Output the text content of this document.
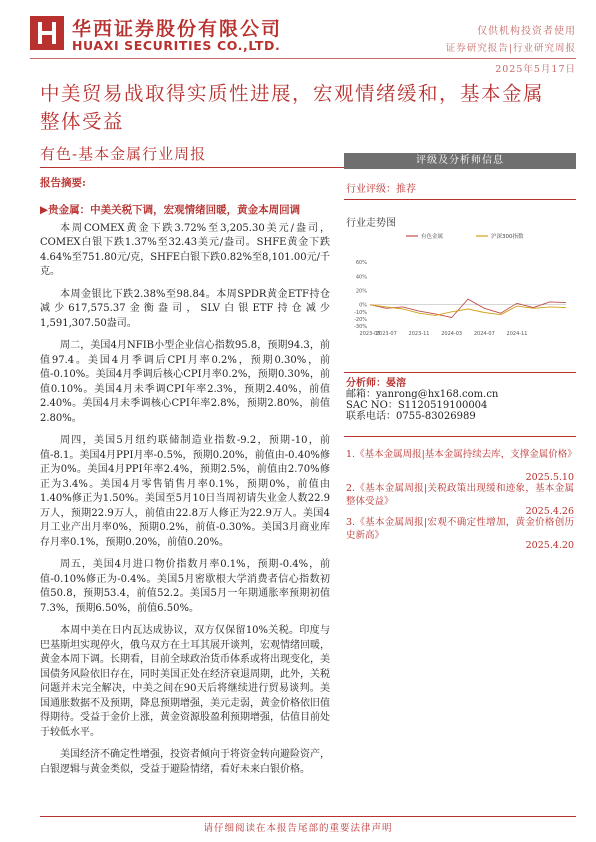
华西证券股份有限公司
HUAXI SECURITIES CO.,LTD.
仅供机构投资者使用
证券研究报告|行业研究周报
2025年5月17日
中美贸易战取得实质性进展，宏观情绪缓和，基本金属整体受益
有色-基本金属行业周报
报告摘要:
▶贵金属：中美关税下调，宏观情绪回暖，黄金本周回调

本周COMEX黄金下跌3.72%至3,205.30美元/盎司，COMEX白银下跌1.37%至32.43美元/盎司。SHFE黄金下跌4.64%至751.80元/克，SHFE白银下跌0.82%至8,101.00元/千克。

本周金银比下跌2.38%至98.84。本周SPDR黄金ETF持仓减少617,575.37金衡盎司，SLV白银ETF持仓减少1,591,307.50盎司。

周二，美国4月NFIB小型企业信心指数95.8，预期94.3，前值97.4。美国4月季调后CPI月率0.2%，预期0.30%，前值-0.10%。美国4月季调后核心CPI月率0.2%，预期0.30%，前值0.10%。美国4月未季调CPI年率2.3%，预期2.40%，前值2.40%。美国4月未季调核心CPI年率2.8%，预期2.80%，前值2.80%。

周四，美国5月纽约联储制造业指数-9.2，预期-10，前值-8.1。美国4月PPI月率-0.5%，预期0.20%，前值由-0.40%修正为0%。美国4月PPI年率2.4%，预期2.5%，前值由2.70%修正为3.4%。美国4月零售销售月率0.1%，预期0%，前值由1.40%修正为1.50%。美国至5月10日当周初请失业金人数22.9万人，预期22.9万人，前值由22.8万人修正为22.9万人。美国4月工业产出月率0%，预期0.2%，前值-0.30%。美国3月商业库存月率0.1%，预期0.20%，前值0.20%。

周五，美国4月进口物价指数月率0.1%，预期-0.4%，前值-0.10%修正为-0.4%。美国5月密歇根大学消费者信心指数初值50.8，预期53.4，前值52.2。美国5月一年期通胀率预期初值7.3%，预期6.50%，前值6.50%。

本周中美在日内瓦达成协议，双方仅保留10%关税。印度与巴基斯坦实现停火，俄乌双方在土耳其展开谈判，宏观情绪回暖，黄金本周下调。长期看，目前全球政治货币体系或将出现变化，美国债务风险依旧存在，同时美国正处在经济衰退周期，此外，关税问题并未完全解决，中美之间在90天后将继续进行贸易谈判。美国通胀数据不及预期，降息预期增强，美元走弱，黄金价格依旧值得期待。受益于金价上涨，黄金资源股盈利预期增强，估值目前处于较低水平。

美国经济不确定性增强，投资者倾向于将资金转向避险资产，白银逻辑与黄金类似，受益于避险情绪，看好未来白银价格。

评级及分析师信息
行业评级：推荐
行业走势图
60%
40%
20%
0%
-10%
-20%
-30%
2023-05
2023-07 2023-11 2024-03 2024-07 2024-11
有色金属	沪深300指数
分析师：晏溶
邮箱：yanrong@hx168.com.cn
SAC NO：S1120519100004
联系电话：0755-83026989
1.《基本金属周报|基本金属持续去库，支撑金属价格》
2025.5.10
2.《基本金属周报|关税政策出现缓和迹象，基本金属整体受益》
2025.4.26
3.《基本金属周报|宏观不确定性增加，黄金价格创历史新高》
2025.4.20
请仔细阅读在本报告尾部的重要法律声明
